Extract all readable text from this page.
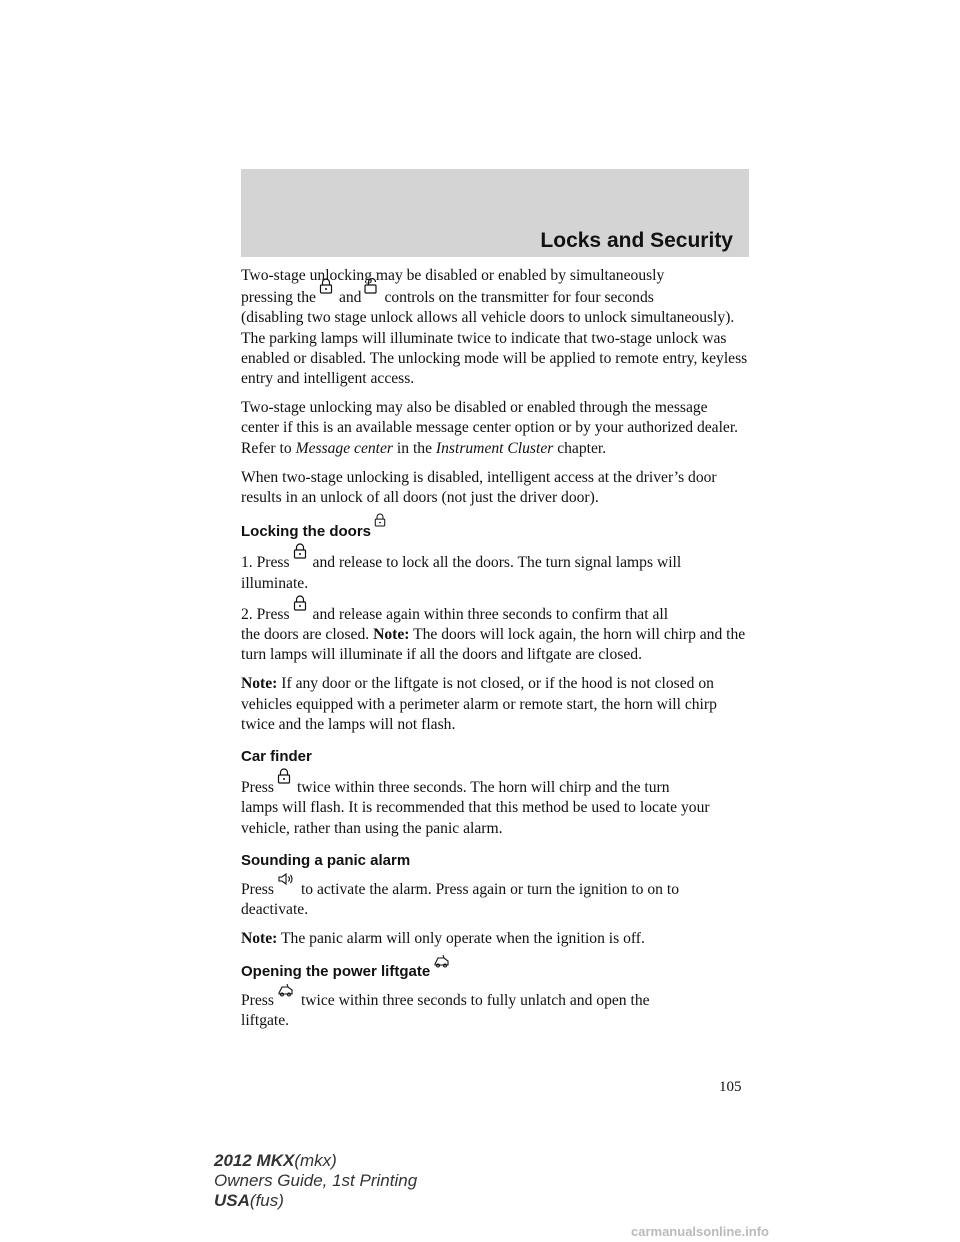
Locks and Security
Two-stage unlocking may be disabled or enabled by simultaneously
pressing the and controls on the transmitter for four seconds
(disabling two stage unlock allows all vehicle doors to unlock simultaneously). The parking lamps will illuminate twice to indicate that two-stage unlock was enabled or disabled. The unlocking mode will be applied to remote entry, keyless entry and intelligent access.
Two-stage unlocking may also be disabled or enabled through the message center if this is an available message center option or by your authorized dealer. Refer to Message center in the Instrument Cluster chapter.
When two-stage unlocking is disabled, intelligent access at the driver’s door results in an unlock of all doors (not just the driver door).
Locking the doors
1. Press and release to lock all the doors. The turn signal lamps will
illuminate.
2. Press and release again within three seconds to confirm that all
the doors are closed. Note: The doors will lock again, the horn will chirp and the turn lamps will illuminate if all the doors and liftgate are closed.
Note: If any door or the liftgate is not closed, or if the hood is not closed on vehicles equipped with a perimeter alarm or remote start, the horn will chirp twice and the lamps will not flash.
Car finder
Press twice within three seconds. The horn will chirp and the turn
lamps will flash. It is recommended that this method be used to locate your vehicle, rather than using the panic alarm.
Sounding a panic alarm
Press to activate the alarm. Press again or turn the ignition to on to
deactivate.
Note: The panic alarm will only operate when the ignition is off.
Opening the power liftgate
Press twice within three seconds to fully unlatch and open the
liftgate.
105
2012 MKX(mkx)
Owners Guide, 1st Printing
USA(fus)
carmanualsonline.info
